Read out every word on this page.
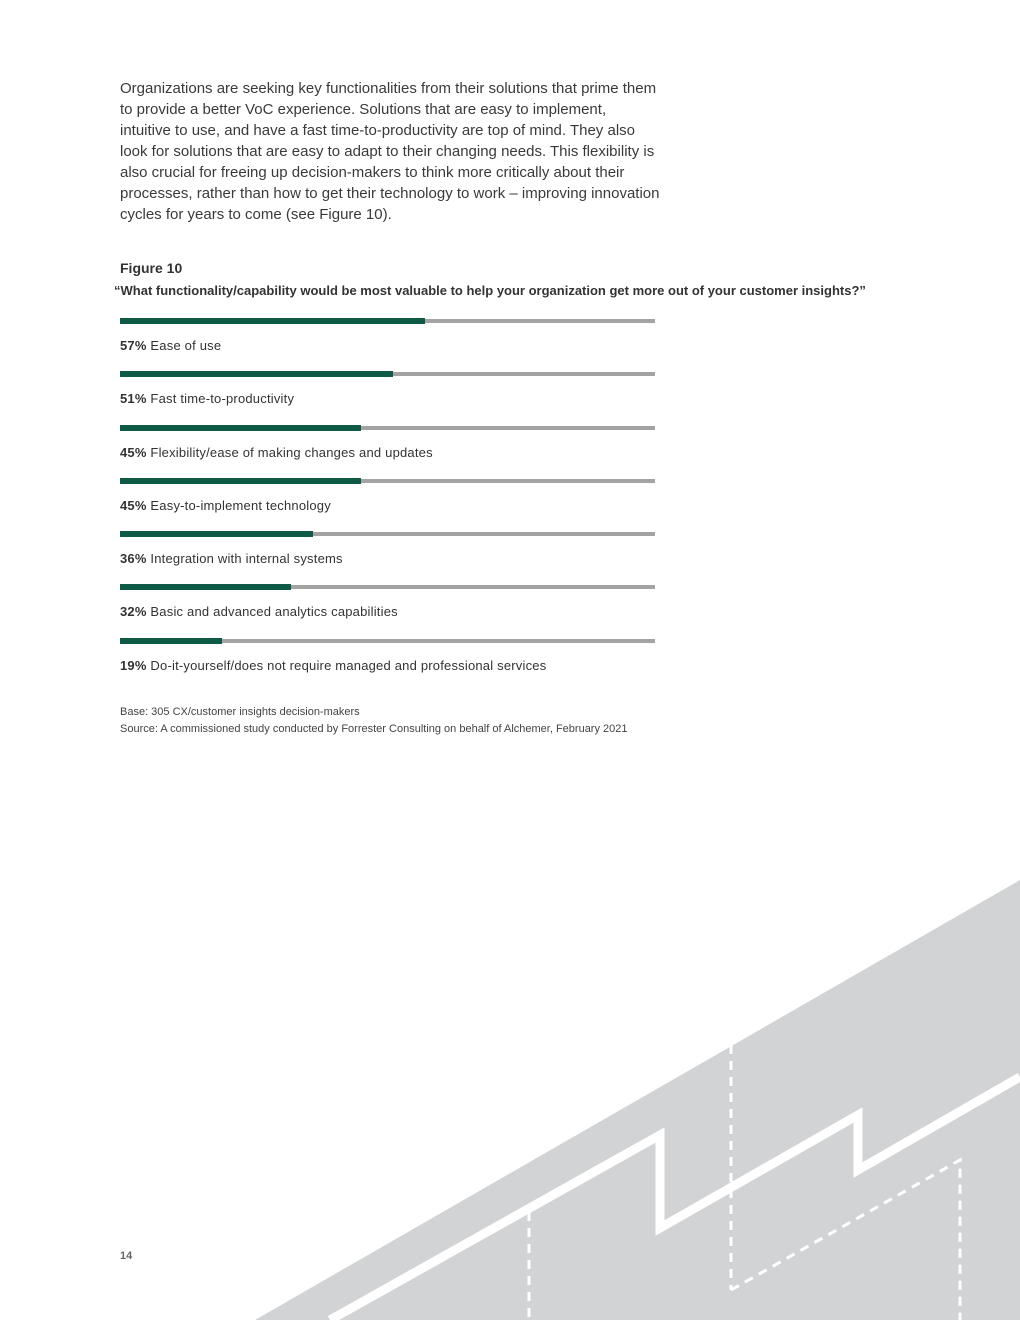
Organizations are seeking key functionalities from their solutions that prime them to provide a better VoC experience. Solutions that are easy to implement, intuitive to use, and have a fast time-to-productivity are top of mind. They also look for solutions that are easy to adapt to their changing needs. This flexibility is also crucial for freeing up decision-makers to think more critically about their processes, rather than how to get their technology to work – improving innovation cycles for years to come (see Figure 10).

Figure 10
“What functionality/capability would be most valuable to help your organization get more out of your customer insights?”
57% Ease of use
51% Fast time-to-productivity
45% Flexibility/ease of making changes and updates
45% Easy-to-implement technology
36% Integration with internal systems
32% Basic and advanced analytics capabilities
19% Do-it-yourself/does not require managed and professional services
Base: 305 CX/customer insights decision-makers
Source: A commissioned study conducted by Forrester Consulting on behalf of Alchemer, February 2021
14
